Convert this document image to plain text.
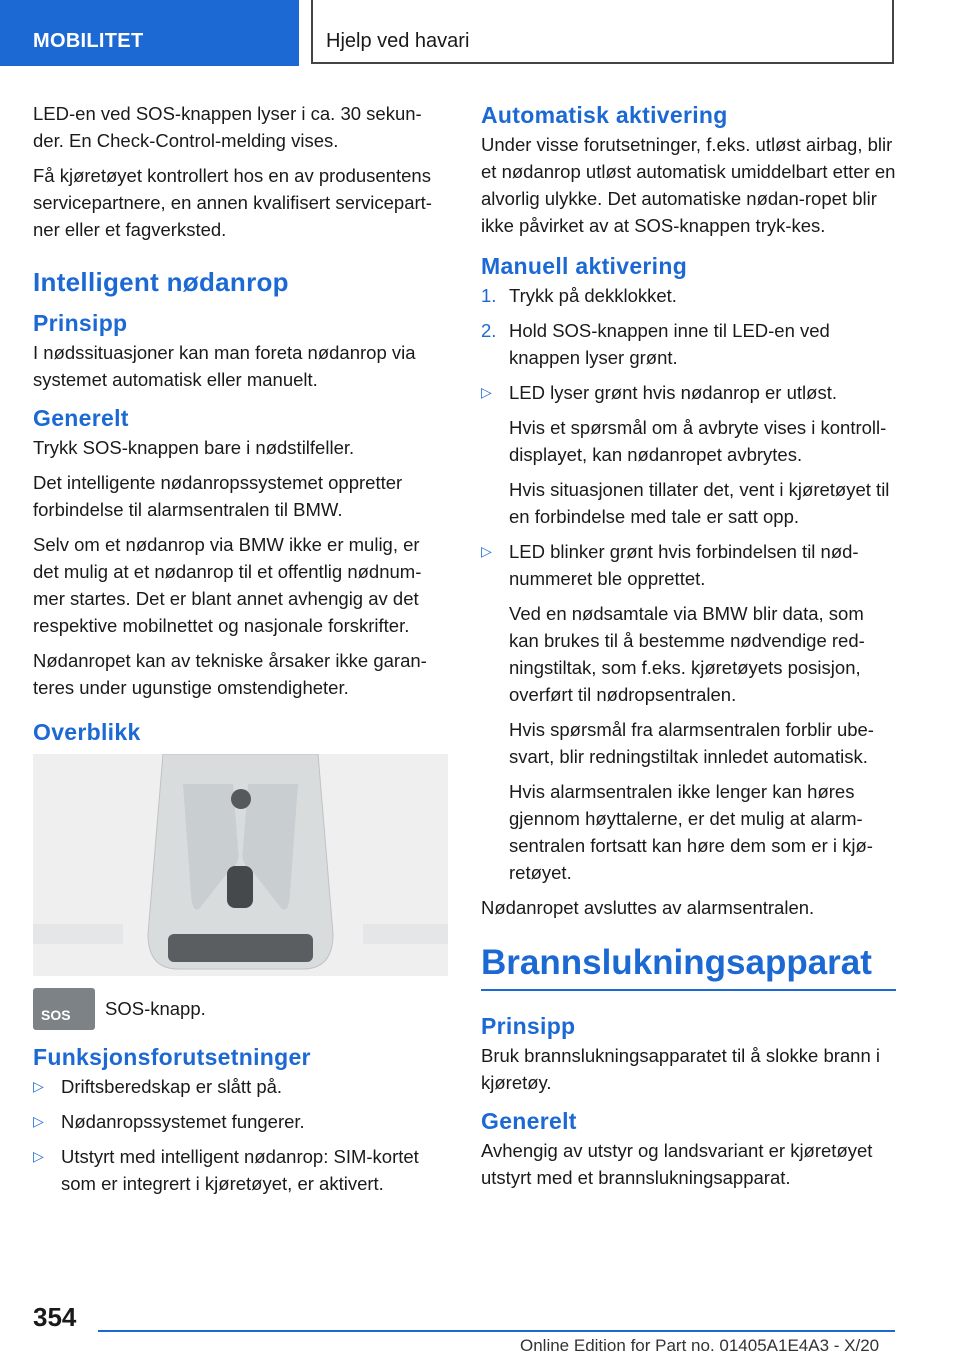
MOBILITET	Hjelp ved havari

LED-en ved SOS-knappen lyser i ca. 30 sekun-der. En Check-Control-melding vises.

Få kjøretøyet kontrollert hos en av produsentens servicepartnere, en annen kvalifisert servicepart-ner eller et fagverksted.

Intelligent nødanrop
Prinsipp

I nødssituasjoner kan man foreta nødanrop via systemet automatisk eller manuelt.

Generelt

Trykk SOS-knappen bare i nødstilfeller.

Det intelligente nødanropssystemet oppretter forbindelse til alarmsentralen til BMW.

Selv om et nødanrop via BMW ikke er mulig, er det mulig at et nødanrop til et offentlig nødnum-mer startes. Det er blant annet avhengig av det respektive mobilnettet og nasjonale forskrifter.

Nødanropet kan av tekniske årsaker ikke garan-teres under ugunstige omstendigheter.

Overblikk
SOS SOS-knapp.
Funksjonsforutsetninger
▷ Driftsberedskap er slått på.
▷ Nødanropssystemet fungerer.
▷ Utstyrt med intelligent nødanrop: SIM-kortet som er integrert i kjøretøyet, er aktivert.
Automatisk aktivering

Under visse forutsetninger, f.eks. utløst airbag, blir et nødanrop utløst automatisk umiddelbart etter en alvorlig ulykke. Det automatiske nødan-ropet blir ikke påvirket av at SOS-knappen tryk-kes.

Manuell aktivering
1. Trykk på dekklokket.
2. Hold SOS-knappen inne til LED-en ved knappen lyser grønt.
▷ LED lyser grønt hvis nødanrop er utløst.

Hvis et spørsmål om å avbryte vises i kontroll-displayet, kan nødanropet avbrytes.

Hvis situasjonen tillater det, vent i kjøretøyet til en forbindelse med tale er satt opp.

▷ LED blinker grønt hvis forbindelsen til nød-nummeret ble opprettet.

Ved en nødsamtale via BMW blir data, som kan brukes til å bestemme nødvendige red-ningstiltak, som f.eks. kjøretøyets posisjon, overført til nødropsentralen.

Hvis spørsmål fra alarmsentralen forblir ube-svart, blir redningstiltak innledet automatisk.

Hvis alarmsentralen ikke lenger kan høres gjennom høyttalerne, er det mulig at alarm-sentralen fortsatt kan høre dem som er i kjø-retøyet.

Nødanropet avsluttes av alarmsentralen.

Brannslukningsapparat
Prinsipp

Bruk brannslukningsapparatet til å slokke brann i kjøretøy.

Generelt

Avhengig av utstyr og landsvariant er kjøretøyet utstyrt med et brannslukningsapparat.

354
Online Edition for Part no. 01405A1E4A3 - X/20
